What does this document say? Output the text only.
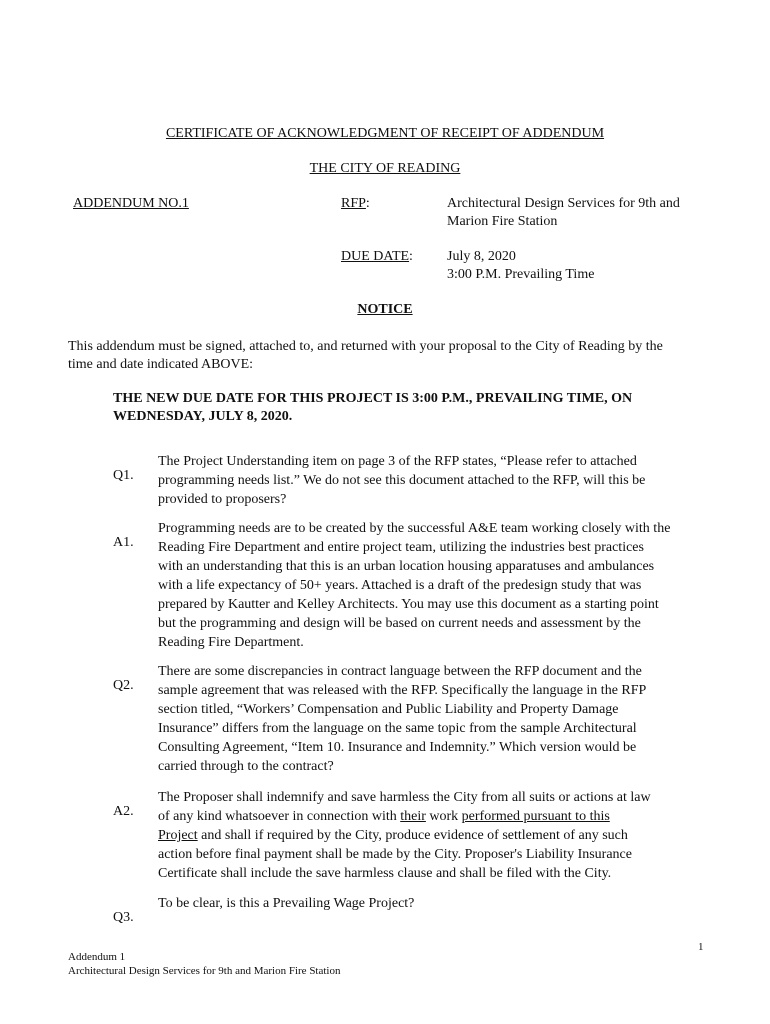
CERTIFICATE OF ACKNOWLEDGMENT OF RECEIPT OF ADDENDUM

THE CITY OF READING

ADDENDUM NO.1	RFP:	Architectural Design Services for 9th and

Marion Fire Station

DUE DATE: July 8, 2020

3:00 P.M. Prevailing Time

NOTICE

This addendum must be signed, attached to, and returned with your proposal to the City of Reading by the

time and date indicated ABOVE:

THE NEW DUE DATE FOR THIS PROJECT IS 3:00 P.M., PREVAILING TIME, ON

WEDNESDAY, JULY 8, 2020.

Q1.

The Project Understanding item on page 3 of the RFP states, “Please refer to attached
programming needs list.” We do not see this document attached to the RFP, will this be
provided to proposers?

A1.

Programming needs are to be created by the successful A&E team working closely with the
Reading Fire Department and entire project team, utilizing the industries best practices
with an understanding that this is an urban location housing apparatuses and ambulances
with a life expectancy of 50+ years. Attached is a draft of the predesign study that was
prepared by Kautter and Kelley Architects. You may use this document as a starting point
but the programming and design will be based on current needs and assessment by the
Reading Fire Department.

Q2.

There are some discrepancies in contract language between the RFP document and the
sample agreement that was released with the RFP. Specifically the language in the RFP
section titled, “Workers’ Compensation and Public Liability and Property Damage
Insurance” differs from the language on the same topic from the sample Architectural
Consulting Agreement, “Item 10. Insurance and Indemnity.” Which version would be
carried through to the contract?

A2.

The Proposer shall indemnify and save harmless the City from all suits or actions at law
of any kind whatsoever in connection with their work performed pursuant to this
Project and shall if required by the City, produce evidence of settlement of any such
action before final payment shall be made by the City. Proposer's Liability Insurance
Certificate shall include the save harmless clause and shall be filed with the City.

Q3.

To be clear, is this a Prevailing Wage Project?

1

Addendum 1

Architectural Design Services for 9th and Marion Fire Station
